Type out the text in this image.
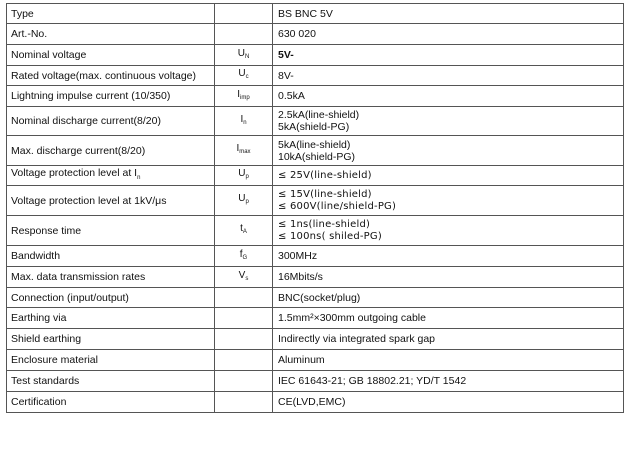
Type		BS BNC 5V

Art.-No.		630 020

Nominal voltage	$U_N$	5V-

Rated voltage(max. continuous voltage)	$U_c$	8V-

Lightning impulse current (10/350)	$I_{imp}$	0.5kA

Nominal discharge current(8/20)	$I_n$	2.5kA(line-shield)
5kA(shield-PG)

Max. discharge current(8/20)	$I_{max}$	5kA(line-shield)
10kA(shield-PG)

Voltage protection level at $I_n$	$U_p$	≤ 25V(line-shield)

Voltage protection level at 1kV/μs	$U_p$	≤ 15V(line-shield)
≤ 600V(line/shield-PG)

Response time	$t_A$	≤ 1ns(line-shield)
≤ 100ns( shiled-PG)

Bandwidth	$f_G$	300MHz

Max. data transmission rates	$V_s$	16Mbits/s

Connection (input/output)		BNC(socket/plug)

Earthing via		1.5mm²×300mm outgoing cable

Shield earthing		Indirectly via integrated spark gap

Enclosure material		Aluminum

Test standards		IEC 61643-21; GB 18802.21; YD/T 1542

Certification		CE(LVD,EMC)
